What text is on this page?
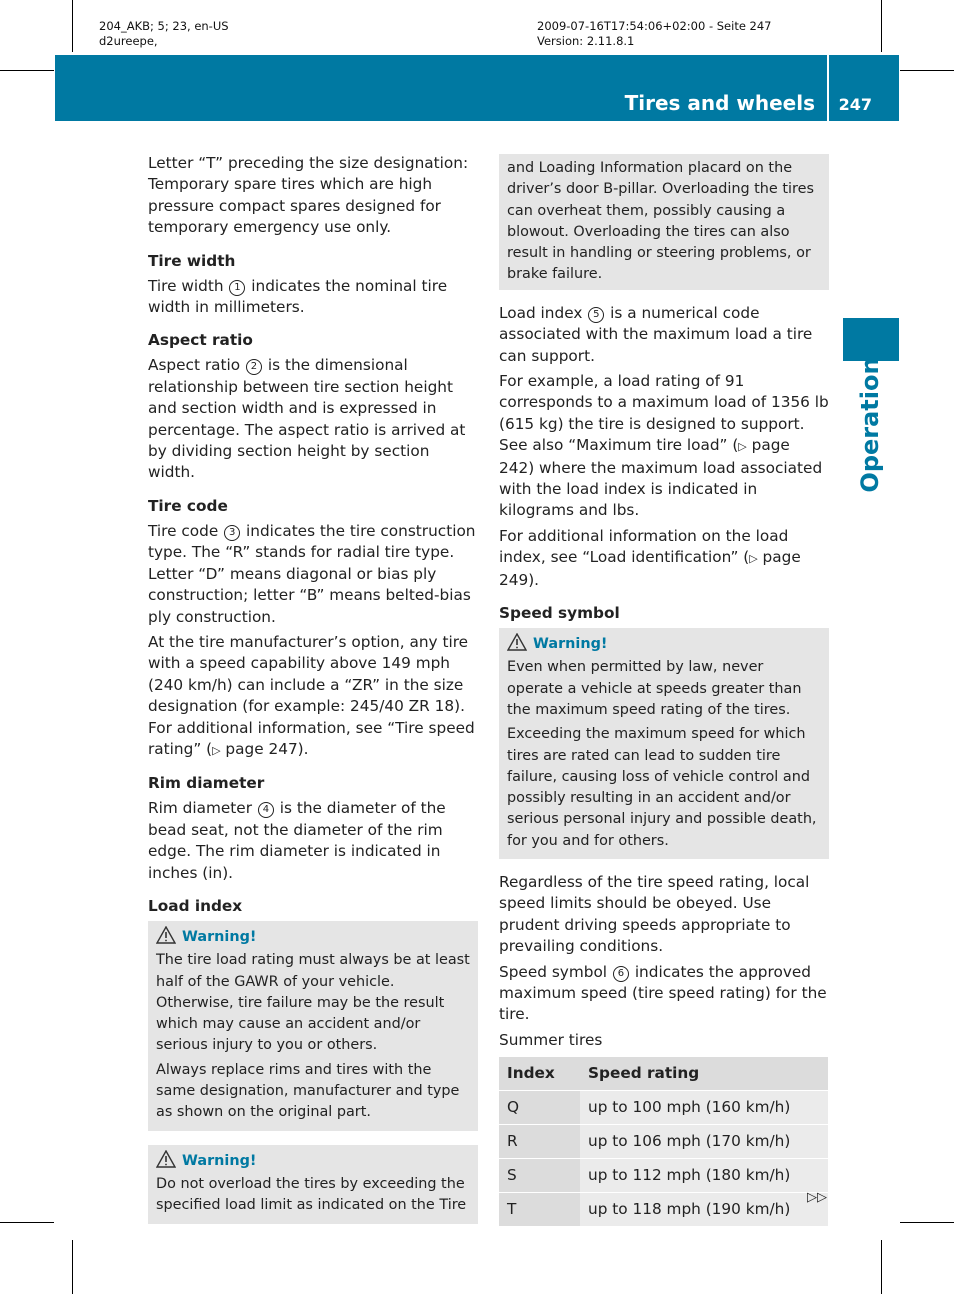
204_AKB; 5; 23, en-US
d2ureepe,
2009-07-16T17:54:06+02:00 - Seite 247
Version: 2.11.8.1
Tires and wheels 247
Operation

Letter “T” preceding the size designation: Temporary spare tires which are high pressure compact spares designed for temporary emergency use only.

Tire width

Tire width 1 indicates the nominal tire width in millimeters.

Aspect ratio

Aspect ratio 2 is the dimensional relationship between tire section height and section width and is expressed in percentage. The aspect ratio is arrived at by dividing section height by section width.

Tire code

Tire code 3 indicates the tire construction type. The “R” stands for radial tire type. Letter “D” means diagonal or bias ply construction; letter “B” means belted-bias ply construction.

At the tire manufacturer’s option, any tire with a speed capability above 149 mph (240 km/h) can include a “ZR” in the size designation (for example: 245/40 ZR 18). For additional information, see “Tire speed rating” (▷ page 247).

Rim diameter

Rim diameter 4 is the diameter of the bead seat, not the diameter of the rim edge. The rim diameter is indicated in inches (in).

Load index

Warning!

The tire load rating must always be at least half of the GAWR of your vehicle. Otherwise, tire failure may be the result which may cause an accident and/or serious injury to you or others.

Always replace rims and tires with the same designation, manufacturer and type as shown on the original part.

Warning!

Do not overload the tires by exceeding the specified load limit as indicated on the Tire

and Loading Information placard on the driver’s door B-pillar. Overloading the tires can overheat them, possibly causing a blowout. Overloading the tires can also result in handling or steering problems, or brake failure.

Load index 5 is a numerical code associated with the maximum load a tire can support.

For example, a load rating of 91 corresponds to a maximum load of 1356 lb (615 kg) the tire is designed to support. See also “Maximum tire load” (▷ page 242) where the maximum load associated with the load index is indicated in kilograms and lbs.

For additional information on the load index, see “Load identification” (▷ page 249).

Speed symbol

Warning!

Even when permitted by law, never operate a vehicle at speeds greater than the maximum speed rating of the tires.

Exceeding the maximum speed for which tires are rated can lead to sudden tire failure, causing loss of vehicle control and possibly resulting in an accident and/or serious personal injury and possible death, for you and for others.

Regardless of the tire speed rating, local speed limits should be obeyed. Use prudent driving speeds appropriate to prevailing conditions.

Speed symbol 6 indicates the approved maximum speed (tire speed rating) for the tire.

Summer tires

Index	Speed rating
Q	up to 100 mph (160 km/h)
R	up to 106 mph (170 km/h)
S	up to 112 mph (180 km/h)
T	up to 118 mph (190 km/h)
▷▷
